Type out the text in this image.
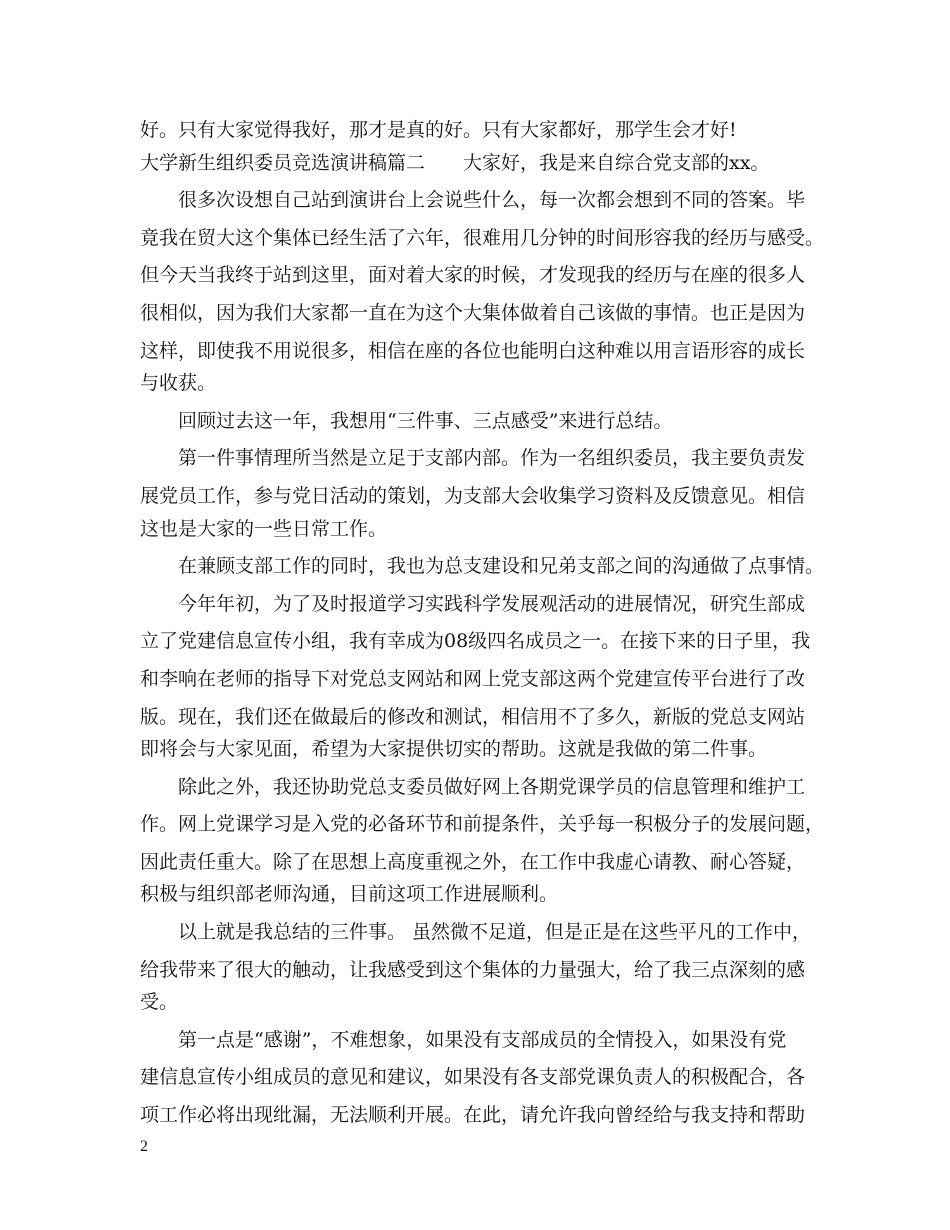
好。只有大家觉得我好，那才是真的好。只有大家都好，那学生会才好!
大学新生组织委员竞选演讲稿篇二　　大家好，我是来自综合党支部的xx。
很多次设想自己站到演讲台上会说些什么，每一次都会想到不同的答案。毕
竟我在贸大这个集体已经生活了六年，很难用几分钟的时间形容我的经历与感受。
但今天当我终于站到这里，面对着大家的时候，才发现我的经历与在座的很多人
很相似，因为我们大家都一直在为这个大集体做着自己该做的事情。也正是因为
这样，即使我不用说很多，相信在座的各位也能明白这种难以用言语形容的成长
与收获。
回顾过去这一年，我想用“三件事、三点感受”来进行总结。
第一件事情理所当然是立足于支部内部。作为一名组织委员，我主要负责发
展党员工作，参与党日活动的策划，为支部大会收集学习资料及反馈意见。相信
这也是大家的一些日常工作。
在兼顾支部工作的同时，我也为总支建设和兄弟支部之间的沟通做了点事情。
今年年初，为了及时报道学习实践科学发展观活动的进展情况，研究生部成
立了党建信息宣传小组，我有幸成为08级四名成员之一。在接下来的日子里，我
和李响在老师的指导下对党总支网站和网上党支部这两个党建宣传平台进行了改
版。现在，我们还在做最后的修改和测试，相信用不了多久，新版的党总支网站
即将会与大家见面，希望为大家提供切实的帮助。这就是我做的第二件事。
除此之外，我还协助党总支委员做好网上各期党课学员的信息管理和维护工
作。网上党课学习是入党的必备环节和前提条件，关乎每一积极分子的发展问题，
因此责任重大。除了在思想上高度重视之外，在工作中我虚心请教、耐心答疑，
积极与组织部老师沟通，目前这项工作进展顺利。
以上就是我总结的三件事。 虽然微不足道，但是正是在这些平凡的工作中，
给我带来了很大的触动，让我感受到这个集体的力量强大，给了我三点深刻的感
受。
第一点是“感谢”，不难想象，如果没有支部成员的全情投入，如果没有党
建信息宣传小组成员的意见和建议，如果没有各支部党课负责人的积极配合，各
项工作必将出现纰漏，无法顺利开展。在此，请允许我向曾经给与我支持和帮助
2
